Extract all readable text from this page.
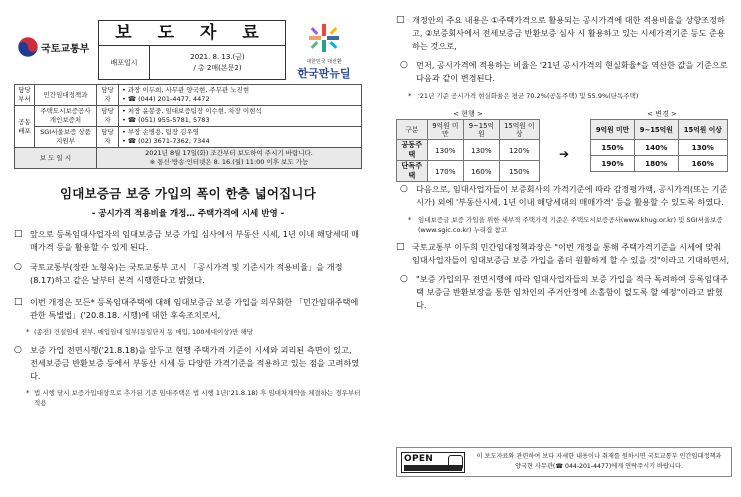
국토교통부
보 도 자 료
배포일시
2021. 8. 13.(금)
/ 총 2매(본문2)
대한민국 대전환
한국판뉴딜
담당 부서	민간임대정책과	담당자	• 과장 이두희, 사무관 양국현, 주무관 노진현
• ☎ (044) 201-4477, 4472

공동 배포	주택도시보증공사 개인보증처	담당자	• 처장 윤봉중, 임대보증팀장 이수현, 차장 이현석
• ☎ (051) 955-5781, 5783

	SGI서울보증 상품지원부	담당자	• 부장 손병용, 팀장 김우영
• ☎ (02) 3671-7362, 7344

보 도 일 시		2021년 8월 17일(화) 조간부터 보도하여 주시기 바랍니다.
※ 통신·방송·인터넷은 8. 16.(월) 11:00 이후 보도 가능	
임대보증금 보증 가입의 폭이 한층 넓어집니다
- 공시가격 적용비율 개정… 주택가격에 시세 반영 -
□ 앞으로 등록임대사업자의 임대보증금 보증 가입 심사에서 부동산 시세, 1년 이내 해당세대 매매가격 등을 활용할 수 있게 된다.
○ 국토교통부(장관 노형욱)는 국토교통부 고시 「공시가격 및 기준시가 적용비율」을 개정(8.17)하고 같은 날부터 본격 시행한다고 밝혔다.
□ 이번 개정은 모든* 등록임대주택에 대해 임대보증금 보증 가입을 의무화한 「민간임대주택에 관한 특별법」('20.8.18. 시행)에 대한 후속조치로서,
* (종전) 건설임대 전부, 매입임대 일부(동일단지 동 매입, 100세대이상)만 해당
○ 보증 가입 전면시행('21.8.18)을 앞두고 현행 주택가격 기준이 시세와 괴리된 측면이 있고, 전세보증금 반환보증 등에서 부동산 시세 등 다양한 가격기준을 적용하고 있는 점을 고려하였다.
* 법 시행 당시 보증가입대상으로 추가된 기존 임대주택은 법 시행 1년('21.8.18) 후 임대차계약을 체결하는 경우부터 적용
□ 개정안의 주요 내용은 ①주택가격으로 활용되는 공시가격에 대한 적용비율을 상향조정하고, ②보증회사에서 전세보증금 반환보증 심사 시 활용하고 있는 시세가격기준 등도 준용하는 것으로,
○ 먼저, 공시가격에 적용하는 비율은 '21년 공시가격의 현실화율*을 역산한 값을 기준으로 다음과 같이 변경된다.
* '21년 기준 공시가격 현실화율은 평균 70.2%(공동주택) 및 55.9%(단독주택)
< 현행 >	< 변경 >
구분	9억원 미만	9~15억원	15억원 이상
공동주택	130%	130%	120%
단독주택	170%	160%	150%
➔
9억원 미만	9~15억원	15억원 이상
150%	140%	130%
190%	180%	160%
○ 다음으로, 임대사업자들이 보증회사의 가격기준에 따라 감정평가액, 공시가격(또는 기준시가) 외에 '부동산시세, 1년 이내 해당세대의 매매가격' 등을 활용할 수 있도록 하였다.
* 임대보증금 보증 가입을 위한 세부적 주택가격 기준은 주택도시보증공사(www.khug.or.kr) 및 SGI서울보증(www.sgic.co.kr) 누리집 참고
□ 국토교통부 이두희 민간임대정책과장은 "이번 개정을 통해 주택가격기준을 시세에 맞춰 임대사업자들이 임대보증금 보증 가입을 좀더 원활하게 할 수 있을 것"이라고 기대하면서,
○ "보증 가입의무 전면시행에 따라 임대사업자들의 보증 가입을 적극 독려하여 등록임대주택 보증금 반환보장을 통한 임차인의 주거안정에 소홀함이 없도록 할 예정"이라고 밝혔다.
OPEN	이 보도자료와 관련하여 보다 자세한 내용이나 취재를 원하시면 국토교통부 민간임대정책과 양국현 사무관(☎ 044-201-4477)에게 연락주시기 바랍니다.
